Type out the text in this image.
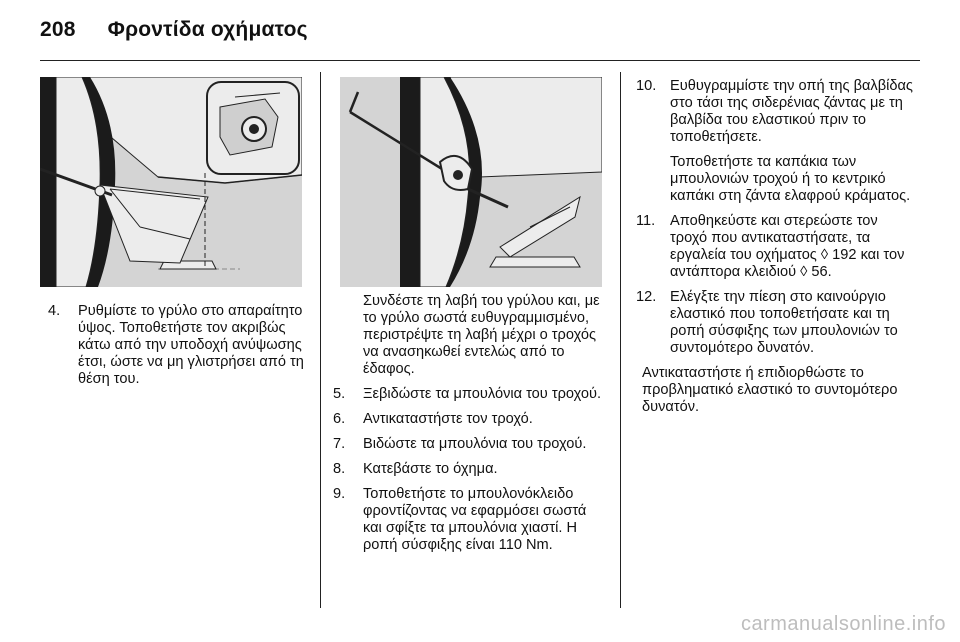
208 Φροντίδα οχήματος
4.	Ρυθμίστε το γρύλο στο απαραίτητο ύψος. Τοποθετήστε τον ακριβώς κάτω από την υποδοχή ανύψωσης έτσι, ώστε να μη γλιστρήσει από τη θέση του.
Συνδέστε τη λαβή του γρύλου και, με το γρύλο σωστά ευθυγραμμισμένο, περιστρέψτε τη λαβή μέχρι ο τροχός να ανασηκωθεί εντελώς από το έδαφος.
5.	Ξεβιδώστε τα μπουλόνια του τροχού.
6.	Αντικαταστήστε τον τροχό.
7.	Βιδώστε τα μπουλόνια του τροχού.
8.	Κατεβάστε το όχημα.
9.	Τοποθετήστε το μπουλονόκλειδο φροντίζοντας να εφαρμόσει σωστά και σφίξτε τα μπουλόνια χιαστί. Η ροπή σύσφιξης είναι 110 Nm.
10. Ευθυγραμμίστε την οπή της βαλβίδας στο τάσι της σιδερένιας ζάντας με τη βαλβίδα του ελαστικού πριν το τοποθετήσετε.
Τοποθετήστε τα καπάκια των μπουλονιών τροχού ή το κεντρικό καπάκι στη ζάντα ελαφρού κράματος.
11.	Αποθηκεύστε και στερεώστε τον τροχό που αντικαταστήσατε, τα εργαλεία του οχήματος ◊ 192 και τον αντάπτορα κλειδιού ◊ 56.
12. Ελέγξτε την πίεση στο καινούργιο ελαστικό που τοποθετήσατε και τη ροπή σύσφιξης των μπουλονιών το συντομότερο δυνατόν.
Αντικαταστήστε ή επιδιορθώστε το προβληματικό ελαστικό το συντομότερο δυνατόν.
carmanualsonline.info
